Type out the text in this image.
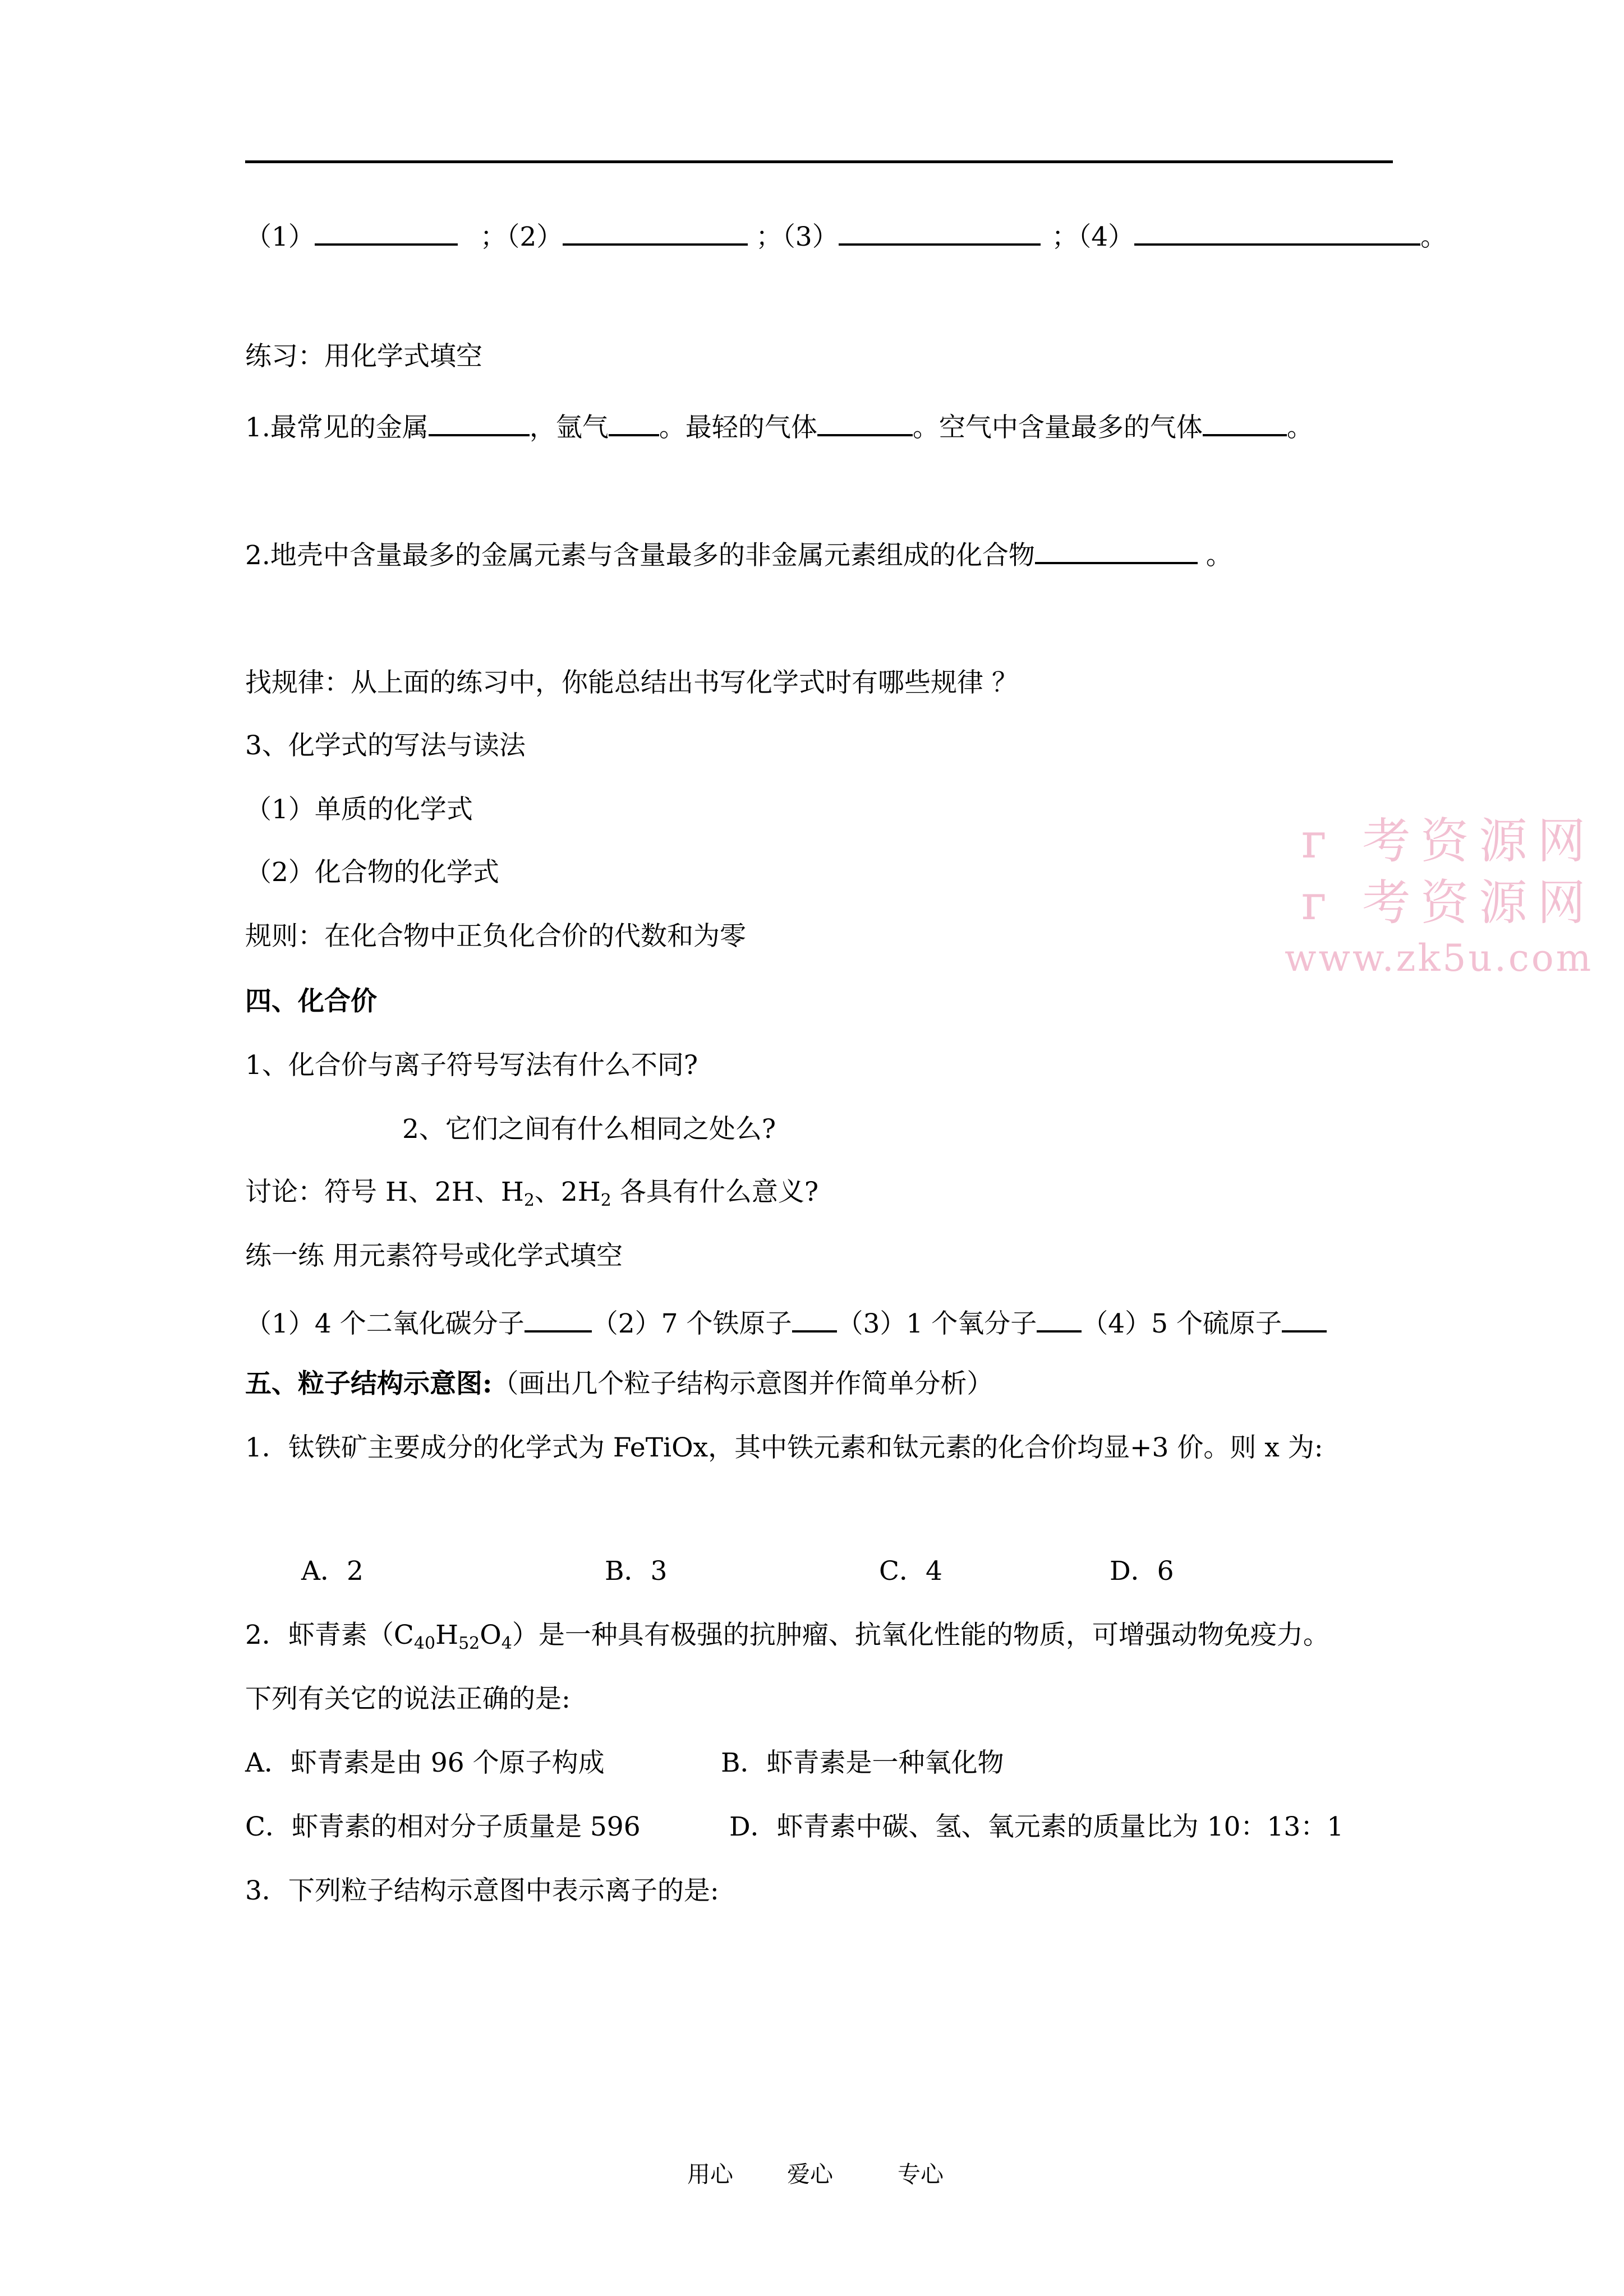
（1）	；（2）	；（3）	；（4）	。
练习：用化学式填空
1.最常见的金属	，氩气 。最轻的气体	。空气中含量最多的气体	。
2.地壳中含量最多的金属元素与含量最多的非金属元素组成的化合物	。
找规律：从上面的练习中，你能总结出书写化学式时有哪些规律 ？
3、化学式的写法与读法
（1）单质的化学式
（2）化合物的化学式
规则：在化合物中正负化合价的代数和为零
四、化合价
1、化合价与离子符号写法有什么不同?
2、它们之间有什么相同之处么?
讨论：符号 H、2H、$H_2$、$2H_2$ 各具有什么意义?
练一练 用元素符号或化学式填空
（1）4 个二氧化碳分子	（2）7 个铁原子 （3）1 个氧分子 （4）5 个硫原子
五、粒子结构示意图:（画出几个粒子结构示意图并作简单分析）
1．钛铁矿主要成分的化学式为 FeTiOx，其中铁元素和钛元素的化合价均显+3 价。则 x 为:
A．2	B．3	C．4	D．6
2．虾青素$(C_{40}H_{52}O_4)$是一种具有极强的抗肿瘤、抗氧化性能的物质，可增强动物免疫力。
下列有关它的说法正确的是:
A．虾青素是由 96 个原子构成	B．虾青素是一种氧化物
C．虾青素的相对分子质量是 596	D．虾青素中碳、氢、氧元素的质量比为 10：13：1
3．下列粒子结构示意图中表示离子的是:
г 考资源网
г 考资源网
www.zk5u.com
用心 爱心	专心
